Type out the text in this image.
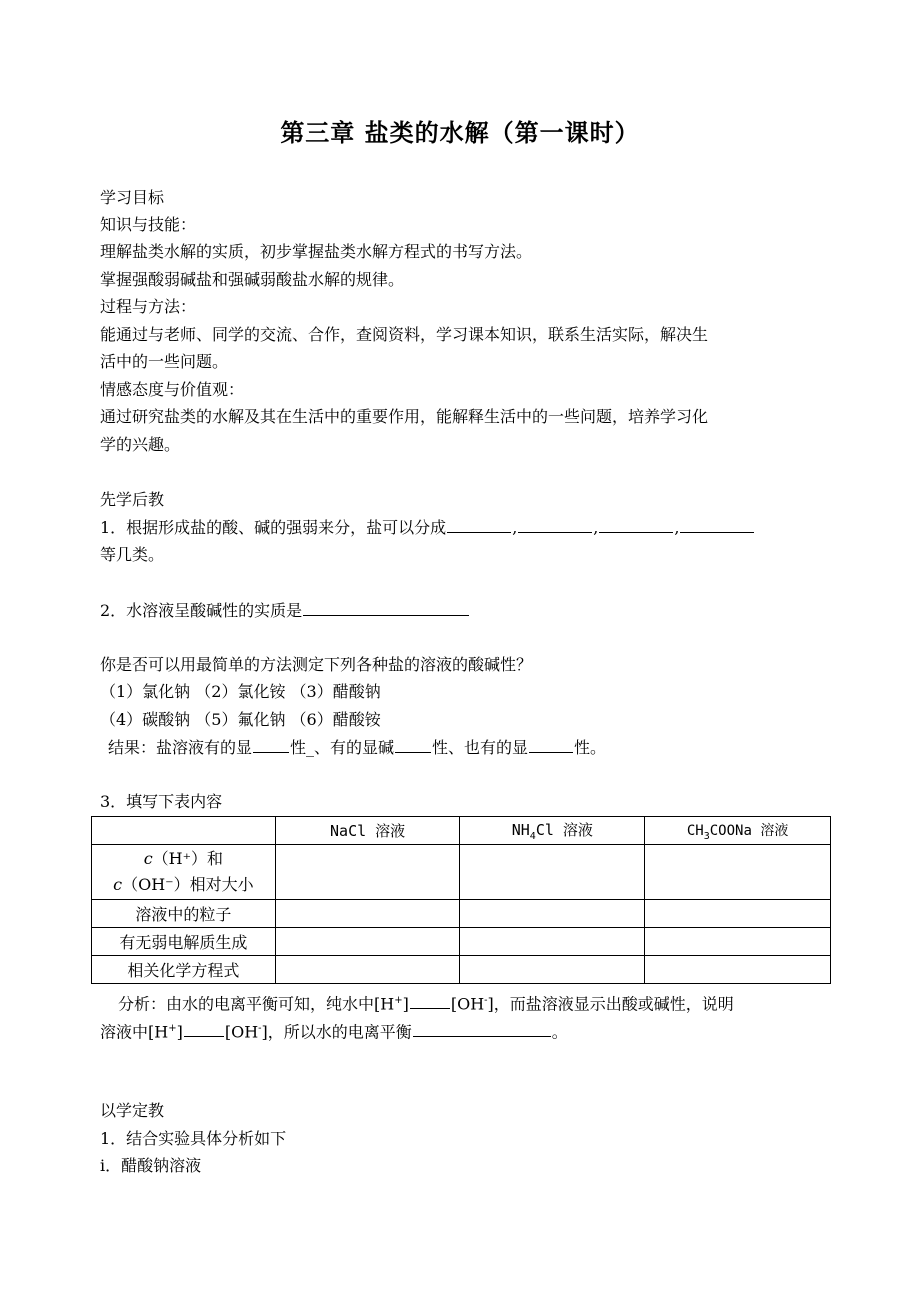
第三章 盐类的水解（第一课时）
学习目标
知识与技能：
理解盐类水解的实质，初步掌握盐类水解方程式的书写方法。
掌握强酸弱碱盐和强碱弱酸盐水解的规律。
过程与方法：
能通过与老师、同学的交流、合作，查阅资料，学习课本知识，联系生活实际，解决生
活中的一些问题。
情感态度与价值观：
通过研究盐类的水解及其在生活中的重要作用，能解释生活中的一些问题，培养学习化
学的兴趣。
先学后教
1．根据形成盐的酸、碱的强弱来分，盐可以分成	,	,	,
等几类。
2．水溶液呈酸碱性的实质是
你是否可以用最简单的方法测定下列各种盐的溶液的酸碱性？
（1）氯化钠 （2）氯化铵 （3）醋酸钠
（4）碳酸钠 （5）氟化钠 （6）醋酸铵
结果：盐溶液有的显 性_、有的显碱 性、也有的显	性。
3．填写下表内容
	NaCl 溶液	$NH_4Cl$ 溶液	$CH_3COONa$ 溶液

c（H⁺）和
c（OH⁻）相对大小			

溶液中的粒子			
有无弱电解质生成			
相关化学方程式			
分析：由水的电离平衡可知，纯水中[H+]	[OH-]，而盐溶液显示出酸或碱性，说明
溶液中[H+]	[OH-]，所以水的电离平衡	。
以学定教
1．结合实验具体分析如下
i．醋酸钠溶液
